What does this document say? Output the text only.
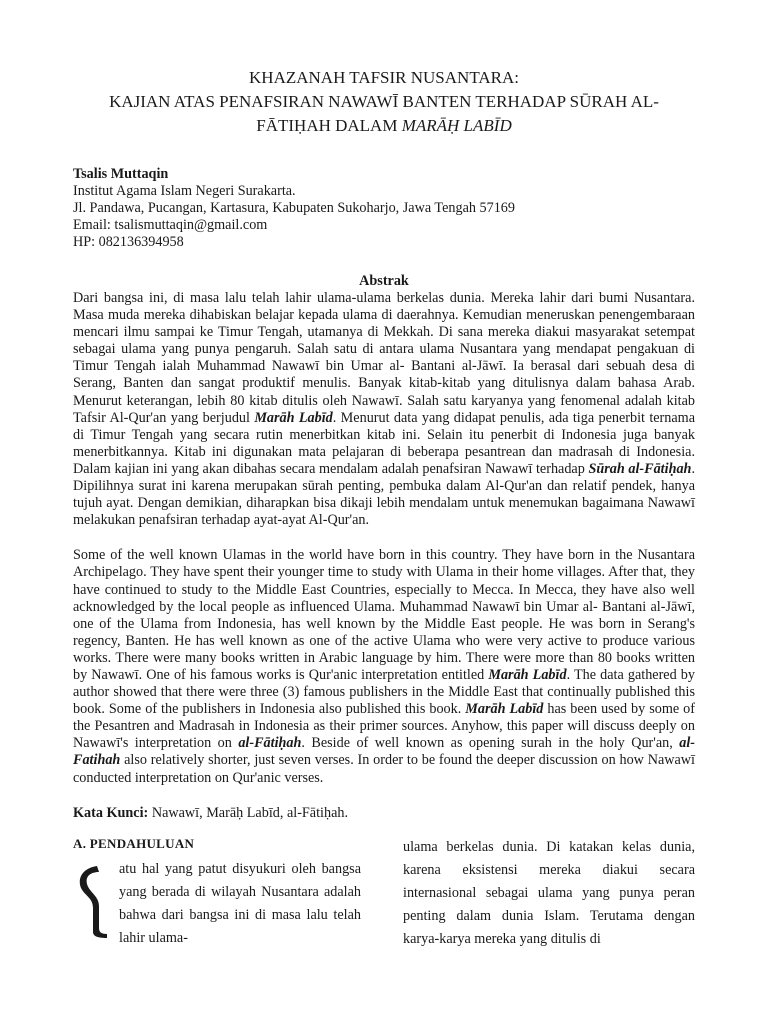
KHAZANAH TAFSIR NUSANTARA:
KAJIAN ATAS PENAFSIRAN NAWAWĪ BANTEN TERHADAP SŪRAH AL-
FĀTIḤAH DALAM MARĀḤ LABĪD
Tsalis Muttaqin
Institut Agama Islam Negeri Surakarta.
Jl. Pandawa, Pucangan, Kartasura, Kabupaten Sukoharjo, Jawa Tengah 57169
Email: tsalismuttaqin@gmail.com
HP: 082136394958
Abstrak

Dari bangsa ini, di masa lalu telah lahir ulama-ulama berkelas dunia. Mereka lahir dari bumi Nusantara. Masa muda mereka dihabiskan belajar kepada ulama di daerahnya. Kemudian meneruskan penengembaraan mencari ilmu sampai ke Timur Tengah, utamanya di Mekkah. Di sana mereka diakui masyarakat setempat sebagai ulama yang punya pengaruh. Salah satu di antara ulama Nusantara yang mendapat pengakuan di Timur Tengah ialah Muhammad Nawawī bin Umar al- Bantani al-Jāwī. Ia berasal dari sebuah desa di Serang, Banten dan sangat produktif menulis. Banyak kitab-kitab yang ditulisnya dalam bahasa Arab. Menurut keterangan, lebih 80 kitab ditulis oleh Nawawī. Salah satu karyanya yang fenomenal adalah kitab Tafsir Al-Qur'an yang berjudul Marāh Labīd. Menurut data yang didapat penulis, ada tiga penerbit ternama di Timur Tengah yang secara rutin menerbitkan kitab ini. Selain itu penerbit di Indonesia juga banyak menerbitkannya. Kitab ini digunakan mata pelajaran di beberapa pesantrean dan madrasah di Indonesia. Dalam kajian ini yang akan dibahas secara mendalam adalah penafsiran Nawawī terhadap Sūrah al-Fātiḥah. Dipilihnya surat ini karena merupakan sūrah penting, pembuka dalam Al-Qur'an dan relatif pendek, hanya tujuh ayat. Dengan demikian, diharapkan bisa dikaji lebih mendalam untuk menemukan bagaimana Nawawī melakukan penafsiran terhadap ayat-ayat Al-Qur'an.

Some of the well known Ulamas in the world have born in this country. They have born in the Nusantara Archipelago. They have spent their younger time to study with Ulama in their home villages. After that, they have continued to study to the Middle East Countries, especially to Mecca. In Mecca, they have also well acknowledged by the local people as influenced Ulama. Muhammad Nawawī bin Umar al- Bantani al-Jāwī, one of the Ulama from Indonesia, has well known by the Middle East people. He was born in Serang's regency, Banten. He has well known as one of the active Ulama who were very active to produce various works. There were many books written in Arabic language by him. There were more than 80 books written by Nawawī. One of his famous works is Qur'anic interpretation entitled Marāh Labīd. The data gathered by author showed that there were three (3) famous publishers in the Middle East that continually published this book. Some of the publishers in Indonesia also published this book. Marāh Labīd has been used by some of the Pesantren and Madrasah in Indonesia as their primer sources. Anyhow, this paper will discuss deeply on Nawawī's interpretation on al-Fātiḥah. Beside of well known as opening surah in the holy Qur'an, al-Fatihah also relatively shorter, just seven verses. In order to be found the deeper discussion on how Nawawī conducted interpretation on Qur'anic verses.

Kata Kunci: Nawawī, Marāḥ Labīd, al-Fātiḥah.
A. PENDAHULUAN
atu hal yang patut disyukuri oleh bangsa yang berada di wilayah Nusantara adalah bahwa dari bangsa ini di masa lalu telah lahir ulama-
ulama berkelas dunia. Di katakan kelas dunia, karena eksistensi mereka diakui secara internasional sebagai ulama yang punya peran penting dalam dunia Islam. Terutama dengan karya-karya mereka yang ditulis di
